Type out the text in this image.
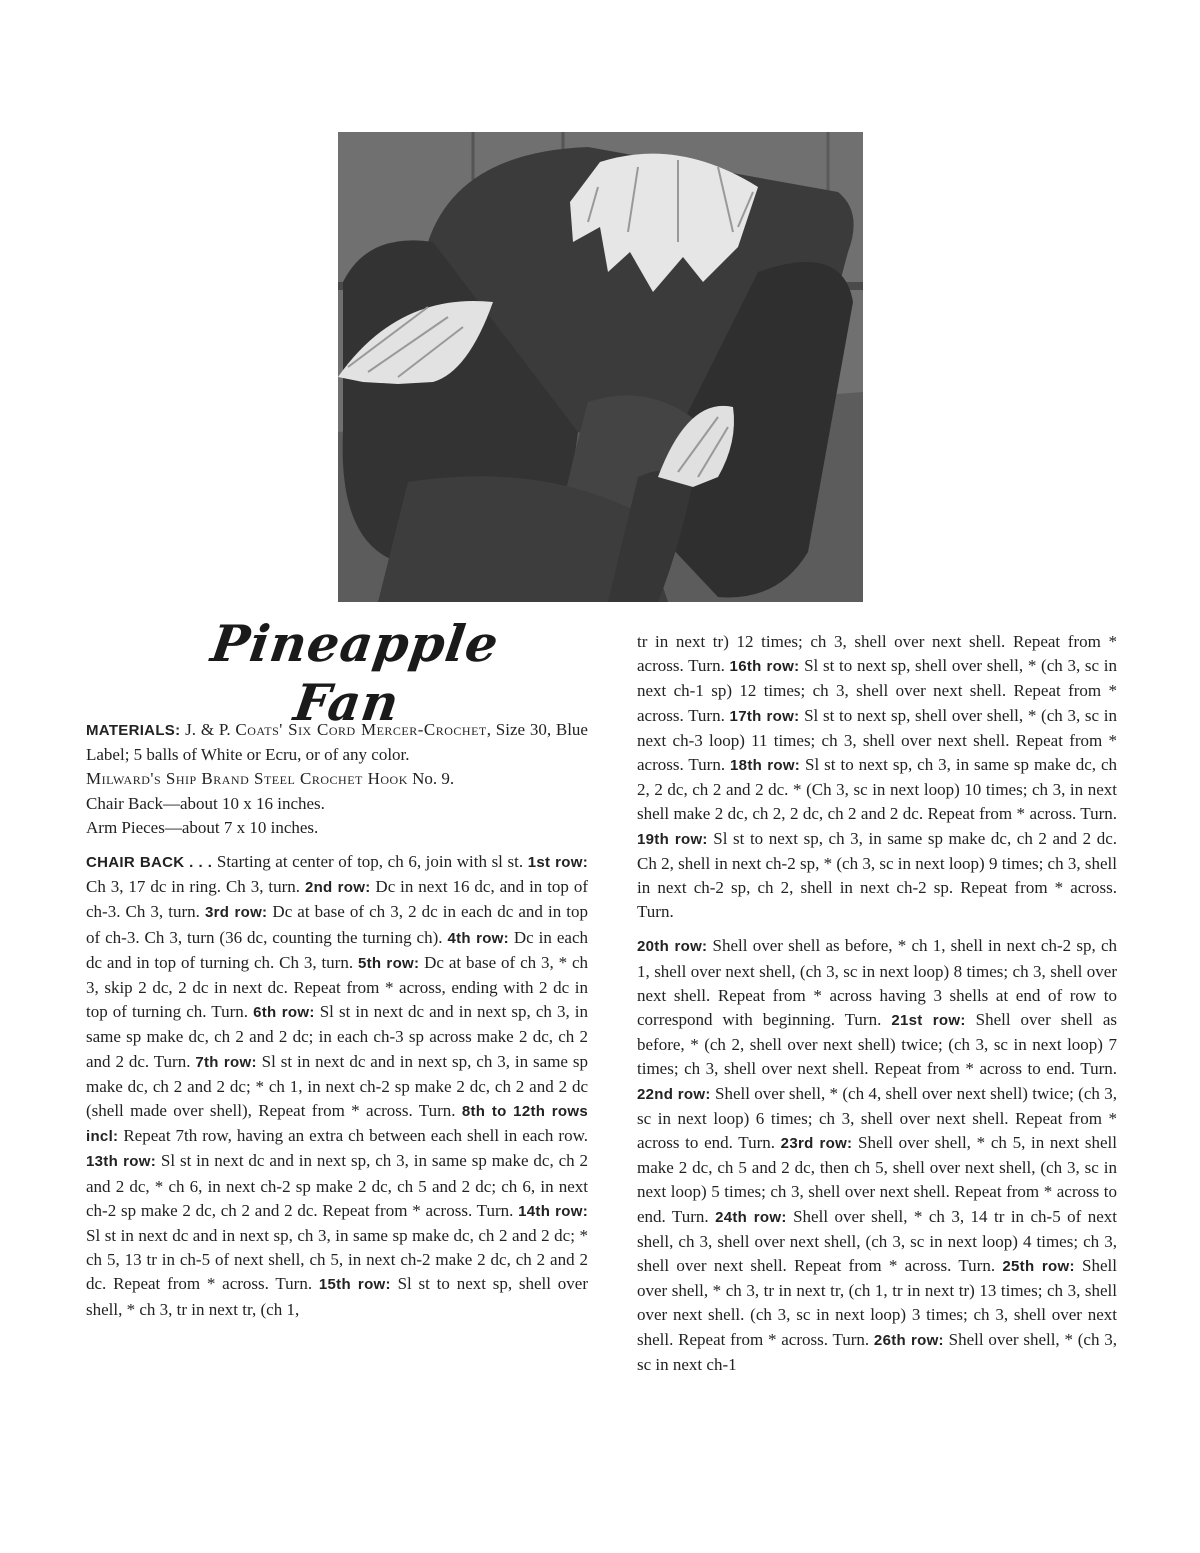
Pineapple Fan

MATERIALS: J. & P. Coats' Six Cord Mercer-Crochet, Size 30, Blue Label; 5 balls of White or Ecru, or of any color.

Milward's Ship Brand Steel Crochet Hook No. 9.

Chair Back—about 10 x 16 inches.

Arm Pieces—about 7 x 10 inches.

CHAIR BACK . . . Starting at center of top, ch 6, join with sl st. 1st row: Ch 3, 17 dc in ring. Ch 3, turn. 2nd row: Dc in next 16 dc, and in top of ch-3. Ch 3, turn. 3rd row: Dc at base of ch 3, 2 dc in each dc and in top of ch-3. Ch 3, turn (36 dc, counting the turning ch). 4th row: Dc in each dc and in top of turning ch. Ch 3, turn. 5th row: Dc at base of ch 3, * ch 3, skip 2 dc, 2 dc in next dc. Repeat from * across, ending with 2 dc in top of turning ch. Turn. 6th row: Sl st in next dc and in next sp, ch 3, in same sp make dc, ch 2 and 2 dc; in each ch-3 sp across make 2 dc, ch 2 and 2 dc. Turn. 7th row: Sl st in next dc and in next sp, ch 3, in same sp make dc, ch 2 and 2 dc; * ch 1, in next ch-2 sp make 2 dc, ch 2 and 2 dc (shell made over shell), Repeat from * across. Turn. 8th to 12th rows incl: Repeat 7th row, having an extra ch between each shell in each row. 13th row: Sl st in next dc and in next sp, ch 3, in same sp make dc, ch 2 and 2 dc, * ch 6, in next ch-2 sp make 2 dc, ch 5 and 2 dc; ch 6, in next ch-2 sp make 2 dc, ch 2 and 2 dc. Repeat from * across. Turn. 14th row: Sl st in next dc and in next sp, ch 3, in same sp make dc, ch 2 and 2 dc; * ch 5, 13 tr in ch-5 of next shell, ch 5, in next ch-2 make 2 dc, ch 2 and 2 dc. Repeat from * across. Turn. 15th row: Sl st to next sp, shell over shell, * ch 3, tr in next tr, (ch 1,

tr in next tr) 12 times; ch 3, shell over next shell. Repeat from * across. Turn. 16th row: Sl st to next sp, shell over shell, * (ch 3, sc in next ch-1 sp) 12 times; ch 3, shell over next shell. Repeat from * across. Turn. 17th row: Sl st to next sp, shell over shell, * (ch 3, sc in next ch-3 loop) 11 times; ch 3, shell over next shell. Repeat from * across. Turn. 18th row: Sl st to next sp, ch 3, in same sp make dc, ch 2, 2 dc, ch 2 and 2 dc. * (Ch 3, sc in next loop) 10 times; ch 3, in next shell make 2 dc, ch 2, 2 dc, ch 2 and 2 dc. Repeat from * across. Turn. 19th row: Sl st to next sp, ch 3, in same sp make dc, ch 2 and 2 dc. Ch 2, shell in next ch-2 sp, * (ch 3, sc in next loop) 9 times; ch 3, shell in next ch-2 sp, ch 2, shell in next ch-2 sp. Repeat from * across. Turn.

20th row: Shell over shell as before, * ch 1, shell in next ch-2 sp, ch 1, shell over next shell, (ch 3, sc in next loop) 8 times; ch 3, shell over next shell. Repeat from * across having 3 shells at end of row to correspond with beginning. Turn. 21st row: Shell over shell as before, * (ch 2, shell over next shell) twice; (ch 3, sc in next loop) 7 times; ch 3, shell over next shell. Repeat from * across to end. Turn. 22nd row: Shell over shell, * (ch 4, shell over next shell) twice; (ch 3, sc in next loop) 6 times; ch 3, shell over next shell. Repeat from * across to end. Turn. 23rd row: Shell over shell, * ch 5, in next shell make 2 dc, ch 5 and 2 dc, then ch 5, shell over next shell, (ch 3, sc in next loop) 5 times; ch 3, shell over next shell. Repeat from * across to end. Turn. 24th row: Shell over shell, * ch 3, 14 tr in ch-5 of next shell, ch 3, shell over next shell, (ch 3, sc in next loop) 4 times; ch 3, shell over next shell. Repeat from * across. Turn. 25th row: Shell over shell, * ch 3, tr in next tr, (ch 1, tr in next tr) 13 times; ch 3, shell over next shell. (ch 3, sc in next loop) 3 times; ch 3, shell over next shell. Repeat from * across. Turn. 26th row: Shell over shell, * (ch 3, sc in next ch-1
